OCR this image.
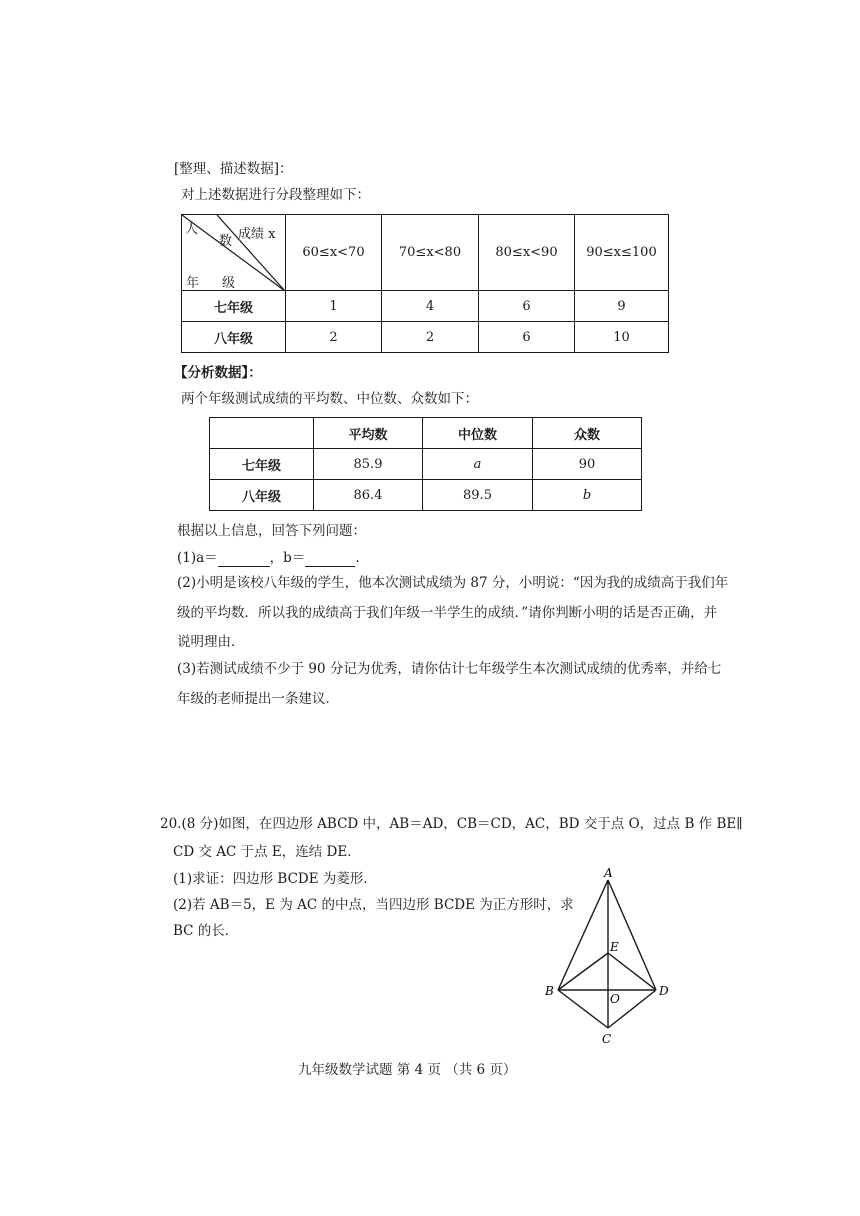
[整理、描述数据]：
对上述数据进行分段整理如下：
成绩 x
人
数
年 级	60≤x<70	70≤x<80	80≤x<90	90≤x≤100
七年级	1	4	6	9
八年级	2	2	6	10
【分析数据】：
两个年级测试成绩的平均数、中位数、众数如下：
	平均数	中位数	众数
七年级	85.9	a	90
八年级	86.4	89.5	b
根据以上信息，回答下列问题：
(1)a＝	，b＝	.
(2)小明是该校八年级的学生，他本次测试成绩为 87 分，小明说：“因为我的成绩高于我们年
级的平均数．所以我的成绩高于我们年级一半学生的成绩．”请你判断小明的话是否正确，并
说明理由．
(3)若测试成绩不少于 90 分记为优秀，请你估计七年级学生本次测试成绩的优秀率，并给七
年级的老师提出一条建议．
20.(8 分)如图，在四边形 ABCD 中，AB＝AD，CB＝CD，AC，BD 交于点 O，过点 B 作 BE∥
CD 交 AC 于点 E，连结 DE．
(1)求证：四边形 BCDE 为菱形．
(2)若 AB＝5，E 为 AC 的中点，当四边形 BCDE 为正方形时，求
BC 的长．
A
E
B	D
O
C
九年级数学试题 第 4 页 （共 6 页）
